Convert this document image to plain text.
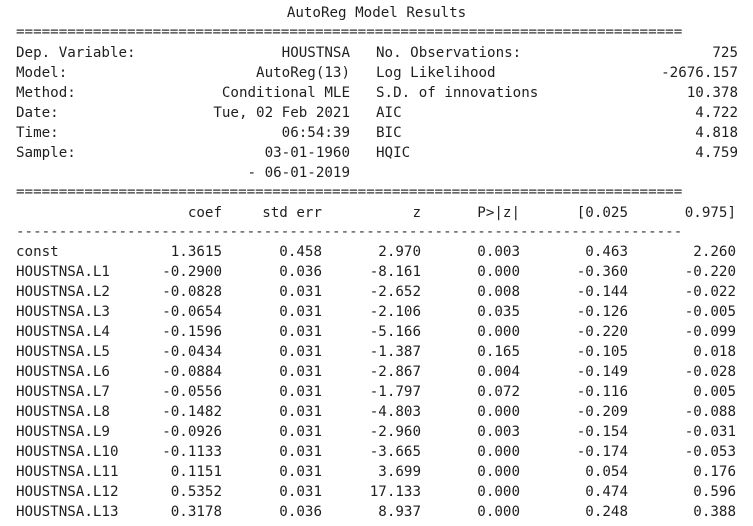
AutoReg Model Results
==============================================================================
Dep. Variable:	HOUSTNSA
Model:	AutoReg(13)
Method:	Conditional MLE
Date:	Tue, 02 Feb 2021
Time:	06:54:39
Sample:	03-01-1960
- 06-01-2019
No. Observations:	725
Log Likelihood	-2676.157
S.D. of innovations	10.378
AIC	4.722
BIC	4.818
HQIC	4.759
==============================================================================
coef	std err	z	P>|z|	[0.025	0.975]
------------------------------------------------------------------------------
const	1.3615	0.458	2.970	0.003	0.463	2.260
HOUSTNSA.L1	-0.2900	0.036	-8.161	0.000	-0.360	-0.220
HOUSTNSA.L2	-0.0828	0.031	-2.652	0.008	-0.144	-0.022
HOUSTNSA.L3	-0.0654	0.031	-2.106	0.035	-0.126	-0.005
HOUSTNSA.L4	-0.1596	0.031	-5.166	0.000	-0.220	-0.099
HOUSTNSA.L5	-0.0434	0.031	-1.387	0.165	-0.105	0.018
HOUSTNSA.L6	-0.0884	0.031	-2.867	0.004	-0.149	-0.028
HOUSTNSA.L7	-0.0556	0.031	-1.797	0.072	-0.116	0.005
HOUSTNSA.L8	-0.1482	0.031	-4.803	0.000	-0.209	-0.088
HOUSTNSA.L9	-0.0926	0.031	-2.960	0.003	-0.154	-0.031
HOUSTNSA.L10	-0.1133	0.031	-3.665	0.000	-0.174	-0.053
HOUSTNSA.L11	0.1151	0.031	3.699	0.000	0.054	0.176
HOUSTNSA.L12	0.5352	0.031	17.133	0.000	0.474	0.596
HOUSTNSA.L13	0.3178	0.036	8.937	0.000	0.248	0.388
